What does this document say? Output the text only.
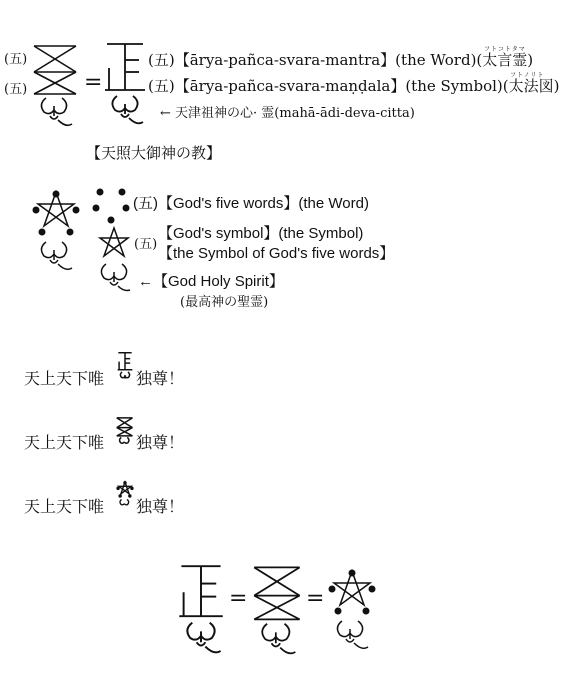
(五)
(五)	=
フトコトタマ
(五)【ārya-pañca-svara-mantra】(the Word)(太言霊)
フトノリト
(五)【ārya-pañca-svara-maṇḍala】(the Symbol)(太法図)
← 天津祖神の心· 霊(mahā-ādi-deva-citta)
【天照大御神の教】
(五)【God's five words】(the Word)
【God's symbol】(the Symbol)
(五)
【the Symbol of God's five words】
←【God Holy Spirit】
(最高神の聖霊)
天上天下唯 独尊！
天上天下唯 独尊！
天上天下唯 独尊！
=	=
